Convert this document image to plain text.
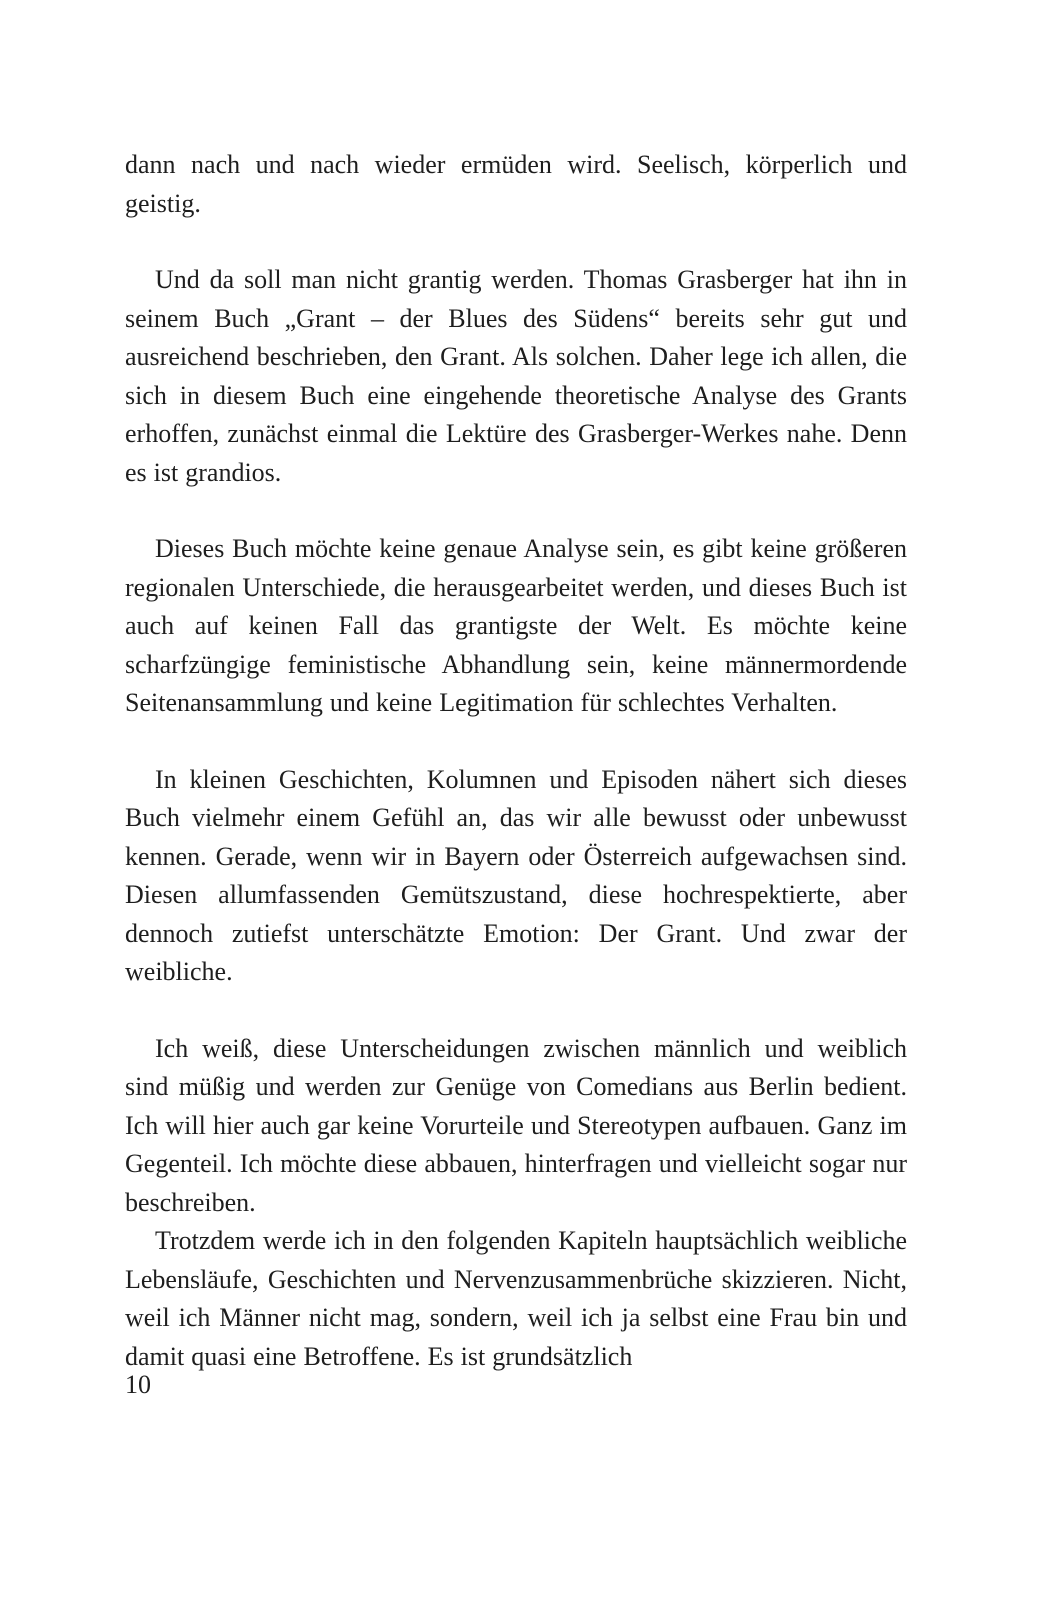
dann nach und nach wieder ermüden wird. Seelisch, körperlich und geistig.

Und da soll man nicht grantig werden. Thomas Grasberger hat ihn in seinem Buch „Grant – der Blues des Südens“ bereits sehr gut und ausreichend beschrieben, den Grant. Als solchen. Daher lege ich allen, die sich in diesem Buch eine eingehende theoretische Analyse des Grants erhoffen, zunächst einmal die Lektüre des Grasberger-Werkes nahe. Denn es ist grandios.

Dieses Buch möchte keine genaue Analyse sein, es gibt keine größeren regionalen Unterschiede, die herausgearbeitet werden, und dieses Buch ist auch auf keinen Fall das grantigste der Welt. Es möchte keine scharfzüngige feministische Abhandlung sein, keine männermordende Seitenansammlung und keine Legitimation für schlechtes Verhalten.

In kleinen Geschichten, Kolumnen und Episoden nähert sich dieses Buch vielmehr einem Gefühl an, das wir alle bewusst oder unbewusst kennen. Gerade, wenn wir in Bayern oder Österreich aufgewachsen sind. Diesen allumfassenden Gemütszustand, diese hochrespektierte, aber dennoch zutiefst unterschätzte Emotion: Der Grant. Und zwar der weibliche.

Ich weiß, diese Unterscheidungen zwischen männlich und weiblich sind müßig und werden zur Genüge von Comedians aus Berlin bedient. Ich will hier auch gar keine Vorurteile und Stereotypen aufbauen. Ganz im Gegenteil. Ich möchte diese abbauen, hinterfragen und vielleicht sogar nur beschreiben.

Trotzdem werde ich in den folgenden Kapiteln hauptsächlich weibliche Lebensläufe, Geschichten und Nervenzusammenbrüche skizzieren. Nicht, weil ich Männer nicht mag, sondern, weil ich ja selbst eine Frau bin und damit quasi eine Betroffene. Es ist grundsätzlich

10
